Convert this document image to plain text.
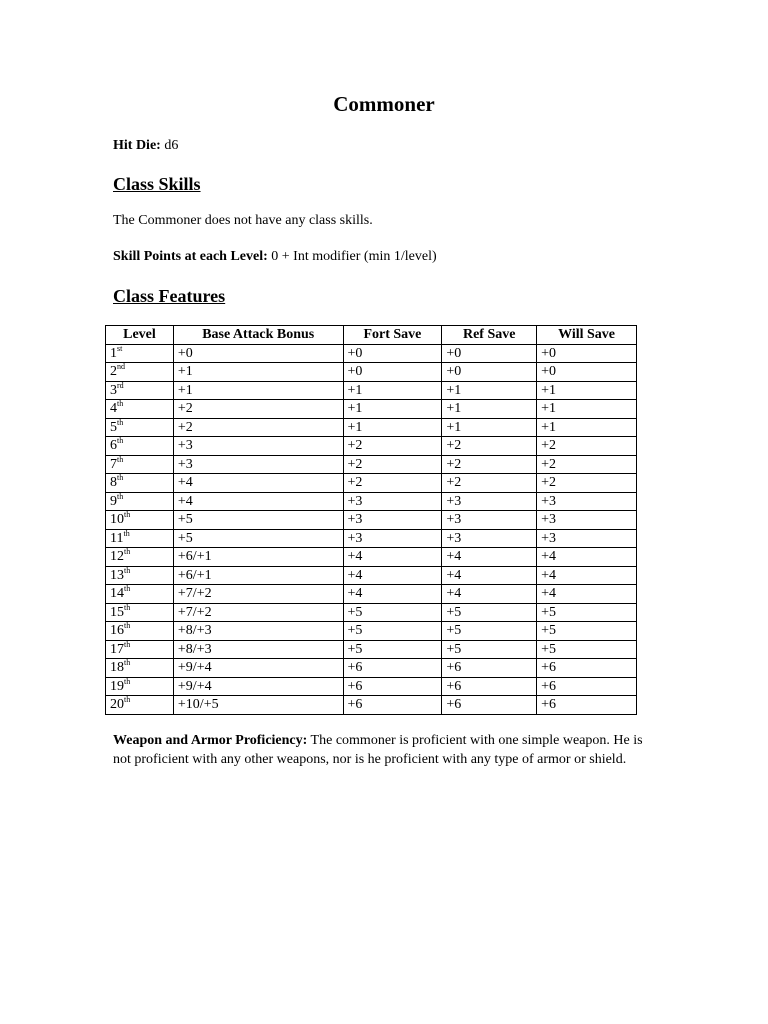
Commoner

Hit Die: d6

Class Skills

The Commoner does not have any class skills.

Skill Points at each Level: 0 + Int modifier (min 1/level)

Class Features
Level	Base Attack Bonus	Fort Save	Ref Save	Will Save
1st	+0	+0	+0	+0
2nd	+1	+0	+0	+0
3rd	+1	+1	+1	+1
4th	+2	+1	+1	+1
5th	+2	+1	+1	+1
6th	+3	+2	+2	+2
7th	+3	+2	+2	+2
8th	+4	+2	+2	+2
9th	+4	+3	+3	+3
10th	+5	+3	+3	+3
11th	+5	+3	+3	+3
12th	+6/+1	+4	+4	+4
13th	+6/+1	+4	+4	+4
14th	+7/+2	+4	+4	+4
15th	+7/+2	+5	+5	+5
16th	+8/+3	+5	+5	+5
17th	+8/+3	+5	+5	+5
18th	+9/+4	+6	+6	+6
19th	+9/+4	+6	+6	+6
20th	+10/+5	+6	+6	+6

Weapon and Armor Proficiency: The commoner is proficient with one simple weapon. He is not proficient with any other weapons, nor is he proficient with any type of armor or shield.
